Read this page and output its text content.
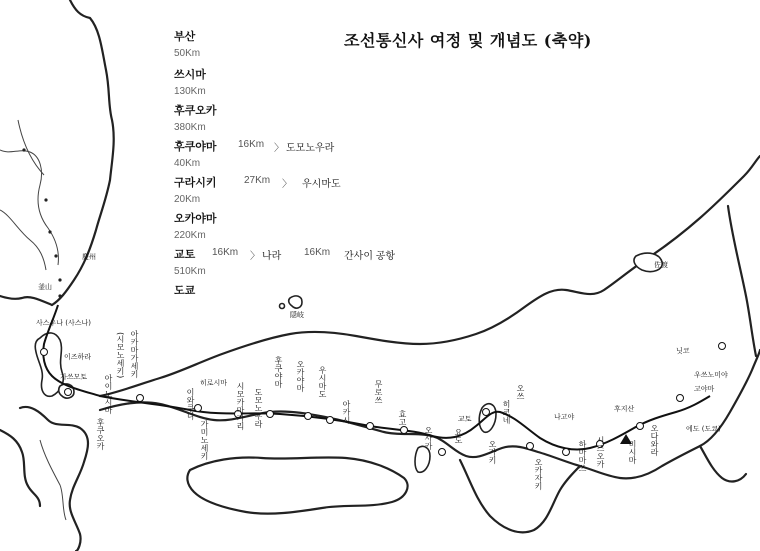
조선통신사 여정 및 개념도 (축약)
부산
50Km
쓰시마
130Km
후쿠오카
380Km
후쿠야마 16Km 〉 도모노우라
40Km
구라시키	27Km 〉 우시마도
20Km
오카야마
220Km
교토 16Km 〉 나라 16Km 간사이 공항
510Km
도쿄
사스우나 (사스나)
이즈하라
가쓰모토
후쿠오카
아이노시마
(시모노세키) 아카마가세키
가미노세키
히로시마
이와쿠니	시모카마가리 도모노우라
후쿠야마 오카야마 우시마도	무로쓰
아카시	효고
오사카
교토
요도
오쓰
히코네
오가키
나고야
오카자키
후지산
하마마쓰 시즈오카	미시마 오다와라	에도 (도쿄)
닛코
우쓰노미야
고야마
佐渡
隠岐
慶州
釜山
